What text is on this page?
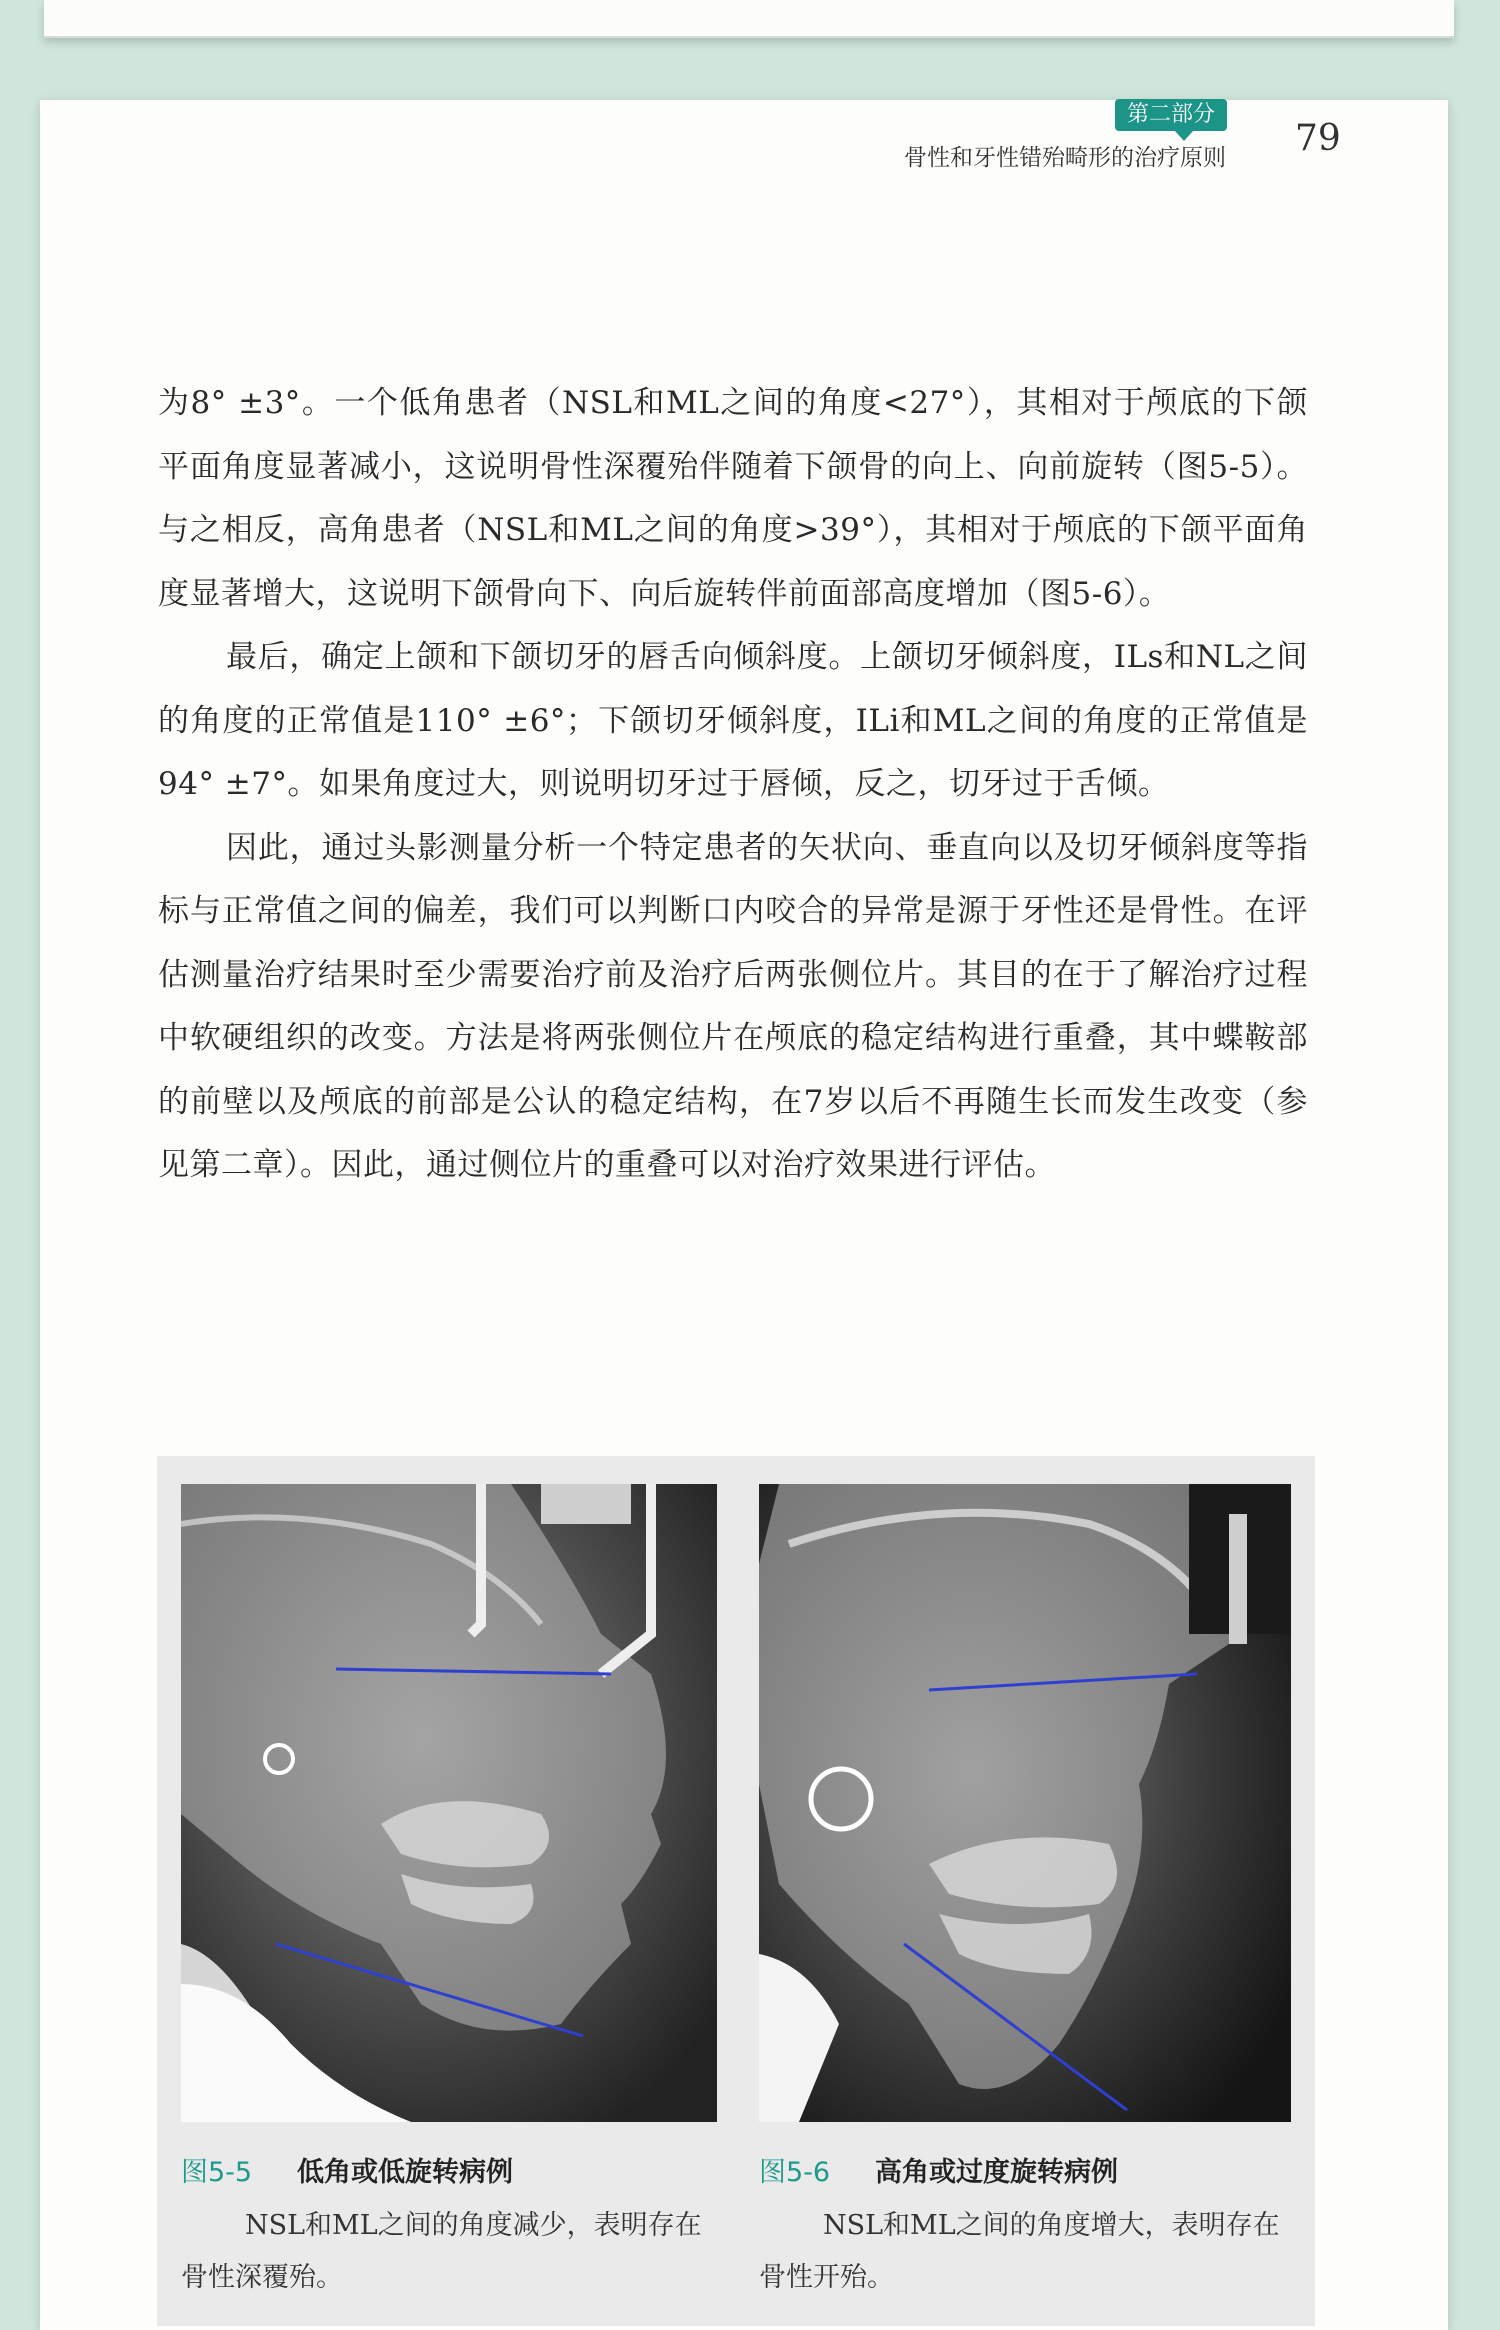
第二部分
骨性和牙性错殆畸形的治疗原则 79

为8° ±3°。一个低角患者（NSL和ML之间的角度<27°），其相对于颅底的下颌平面角度显著减小，这说明骨性深覆殆伴随着下颌骨的向上、向前旋转（图5-5）。与之相反，高角患者（NSL和ML之间的角度>39°），其相对于颅底的下颌平面角度显著增大，这说明下颌骨向下、向后旋转伴前面部高度增加（图5-6）。

最后，确定上颌和下颌切牙的唇舌向倾斜度。上颌切牙倾斜度，ILs和NL之间的角度的正常值是110° ±6°；下颌切牙倾斜度，ILi和ML之间的角度的正常值是94° ±7°。如果角度过大，则说明切牙过于唇倾，反之，切牙过于舌倾。

因此，通过头影测量分析一个特定患者的矢状向、垂直向以及切牙倾斜度等指标与正常值之间的偏差，我们可以判断口内咬合的异常是源于牙性还是骨性。在评估测量治疗结果时至少需要治疗前及治疗后两张侧位片。其目的在于了解治疗过程中软硬组织的改变。方法是将两张侧位片在颅底的稳定结构进行重叠，其中蝶鞍部的前壁以及颅底的前部是公认的稳定结构，在7岁以后不再随生长而发生改变（参见第二章）。因此，通过侧位片的重叠可以对治疗效果进行评估。

图5-5 低角或低旋转病例

NSL和ML之间的角度减少，表明存在骨性深覆殆。

图5-6 高角或过度旋转病例

NSL和ML之间的角度增大，表明存在骨性开殆。
